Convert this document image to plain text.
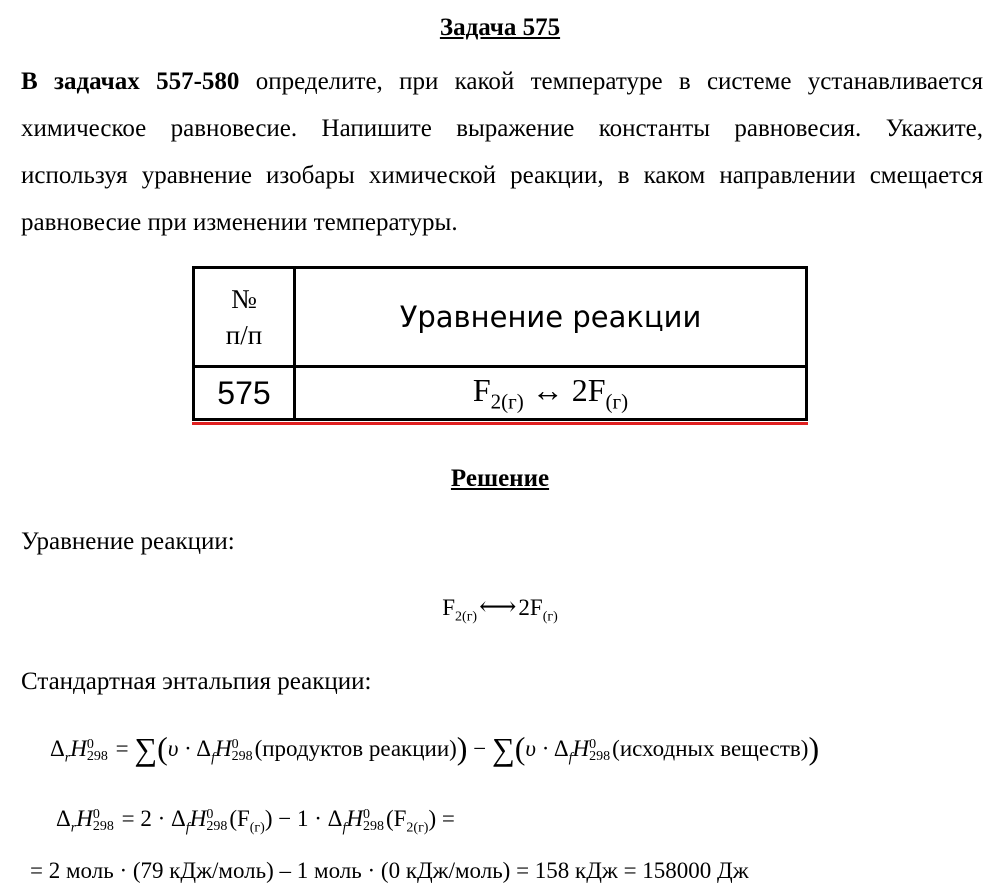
Задача 575
В задачах 557-580 определите, при какой температуре в системе устанавливается химическое равновесие. Напишите выражение константы равновесия. Укажите, используя уравнение изобары химической реакции, в каком направлении смещается равновесие при изменении температуры.
№
п/п	Уравнение реакции
575	$F_{2(г)}$ ↔ $2F_{(г)}$
Решение
Уравнение реакции:
$F_{2(г)}⟷2F_{(г)}$
Стандартная энтальпия реакции:
$\Delta_rH$ 0
$298 = \sum(\upsilon \cdot \Delta_fH$ 0
298 (продуктов реакции)) − $\sum(\upsilon \cdot \Delta_fH$ 0
298 (исходных веществ))
$\Delta_rH$ 0
$298 = 2 \cdot \Delta_fH$ 0
298 $(F_{(г)}) - 1 \cdot \Delta_fH$ 0
298 $(F_{2(г)})$ =
= 2 моль · (79 кДж/моль) – 1 моль · (0 кДж/моль) = 158 кДж = 158000 Дж
